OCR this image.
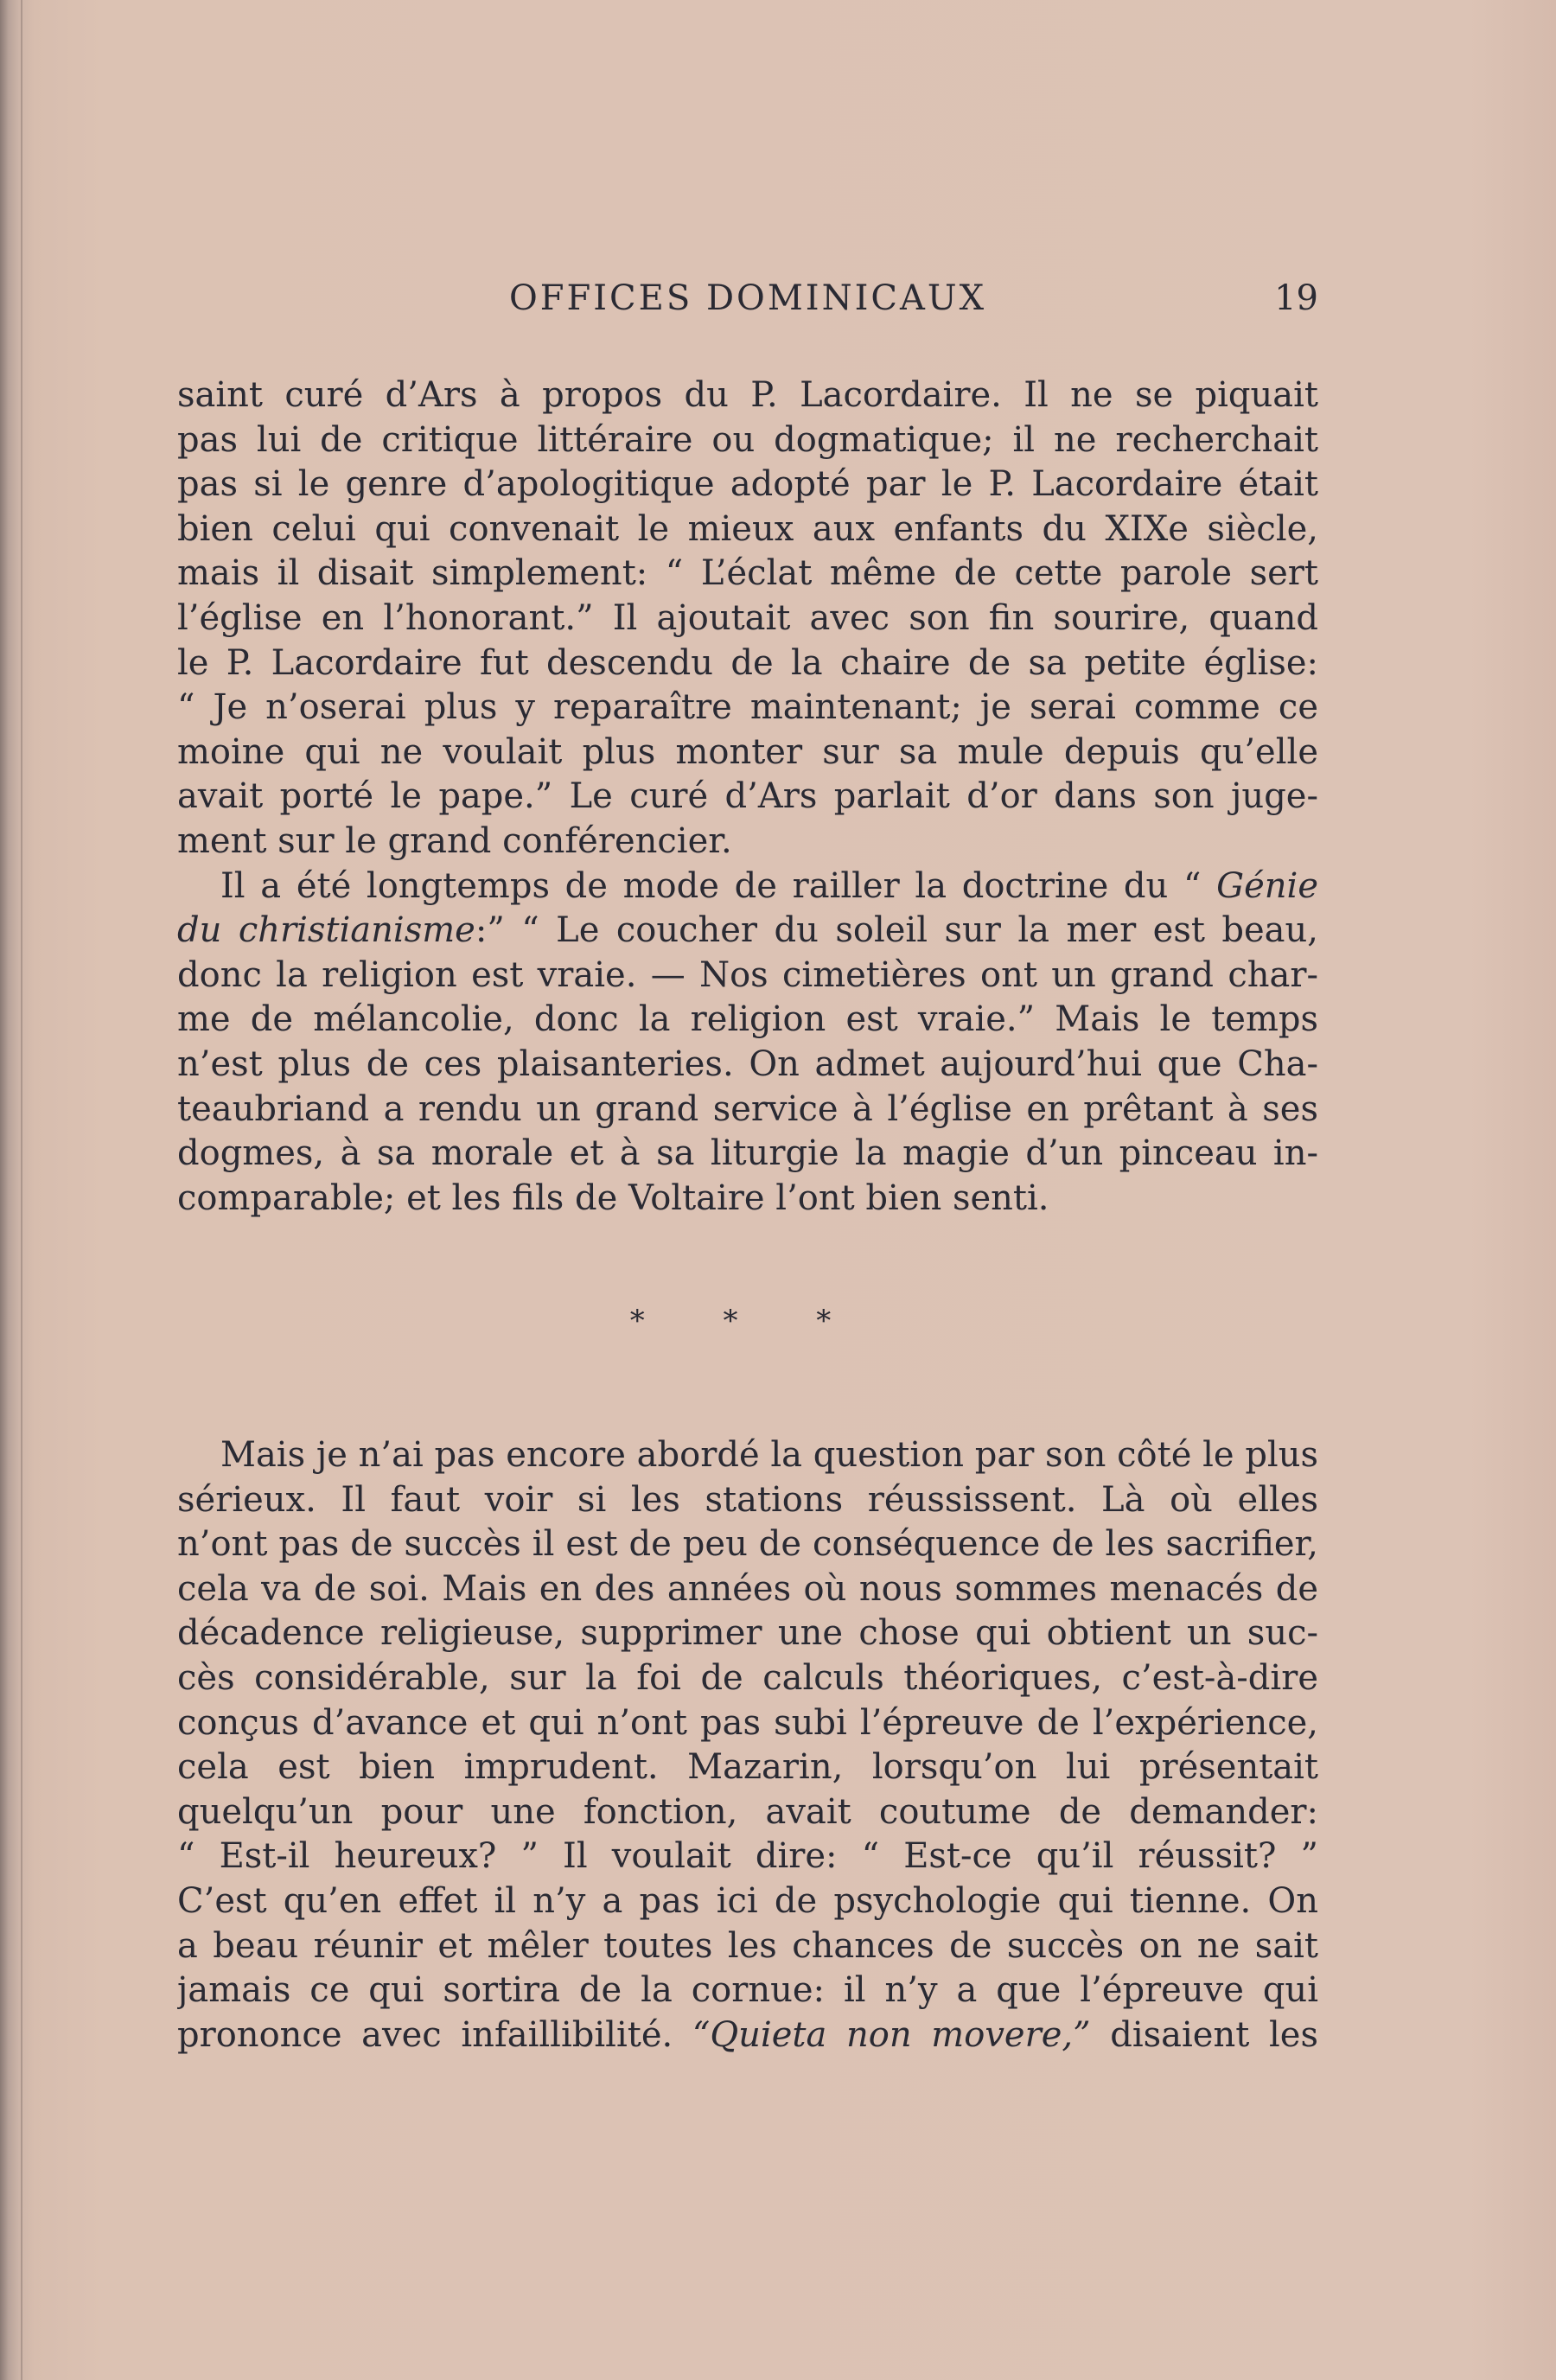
OFFICES DOMINICAUX	19
saint curé d’Ars à propos du P. Lacordaire. Il ne se piquait
pas lui de critique littéraire ou dogmatique; il ne recherchait
pas si le genre d’apologitique adopté par le P. Lacordaire était
bien celui qui convenait le mieux aux enfants du XIXe siècle,
mais il disait simplement: “ L’éclat même de cette parole sert
l’église en l’honorant.” Il ajoutait avec son fin sourire, quand
le P. Lacordaire fut descendu de la chaire de sa petite église:
“ Je n’oserai plus y reparaître maintenant; je serai comme ce
moine qui ne voulait plus monter sur sa mule depuis qu’elle
avait porté le pape.” Le curé d’Ars parlait d’or dans son juge-
ment sur le grand conférencier.
Il a été longtemps de mode de railler la doctrine du “ Génie
du christianisme:” “ Le coucher du soleil sur la mer est beau,
donc la religion est vraie. — Nos cimetières ont un grand char-
me de mélancolie, donc la religion est vraie.” Mais le temps
n’est plus de ces plaisanteries. On admet aujourd’hui que Cha-
teaubriand a rendu un grand service à l’église en prêtant à ses
dogmes, à sa morale et à sa liturgie la magie d’un pinceau in-
comparable; et les fils de Voltaire l’ont bien senti.
* * *
Mais je n’ai pas encore abordé la question par son côté le plus
sérieux. Il faut voir si les stations réussissent. Là où elles
n’ont pas de succès il est de peu de conséquence de les sacrifier,
cela va de soi. Mais en des années où nous sommes menacés de
décadence religieuse, supprimer une chose qui obtient un suc-
cès considérable, sur la foi de calculs théoriques, c’est-à-dire
conçus d’avance et qui n’ont pas subi l’épreuve de l’expérience,
cela est bien imprudent. Mazarin, lorsqu’on lui présentait
quelqu’un pour une fonction, avait coutume de demander:
“ Est-il heureux? ” Il voulait dire: “ Est-ce qu’il réussit? ”
C’est qu’en effet il n’y a pas ici de psychologie qui tienne. On
a beau réunir et mêler toutes les chances de succès on ne sait
jamais ce qui sortira de la cornue: il n’y a que l’épreuve qui
prononce avec infaillibilité. “Quieta non movere,” disaient les
